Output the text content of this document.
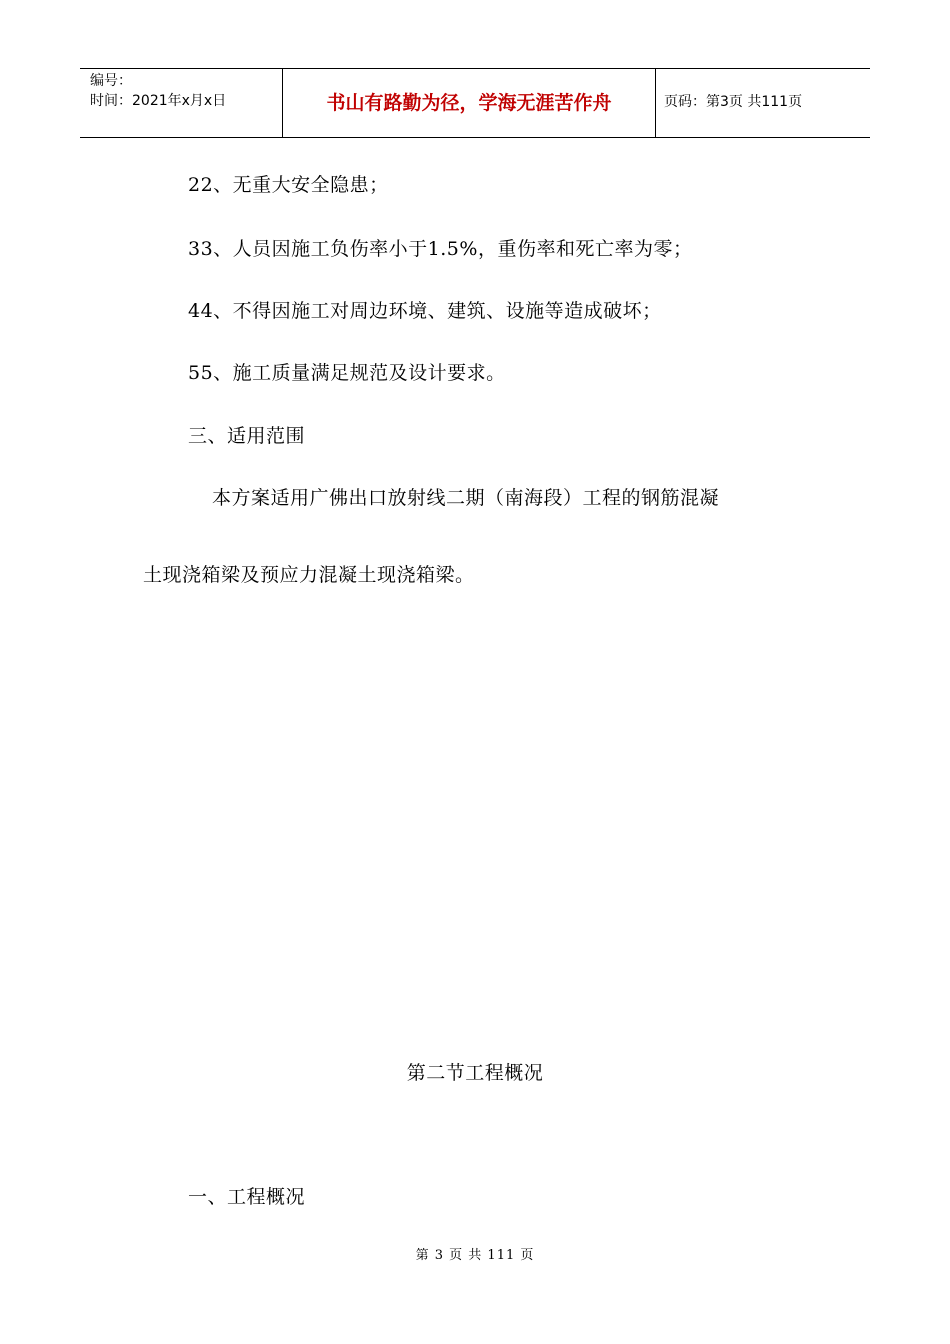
编号：
时间：2021年x月x日	书山有路勤为径，学海无涯苦作舟	页码：第3页 共111页
22、无重大安全隐患；
33、人员因施工负伤率小于1.5%，重伤率和死亡率为零；
44、不得因施工对周边环境、建筑、设施等造成破坏；
55、施工质量满足规范及设计要求。
三、适用范围
本方案适用广佛出口放射线二期（南海段）工程的钢筋混凝
土现浇箱梁及预应力混凝土现浇箱梁。
第二节工程概况
一、工程概况
第 3 页 共 111 页
